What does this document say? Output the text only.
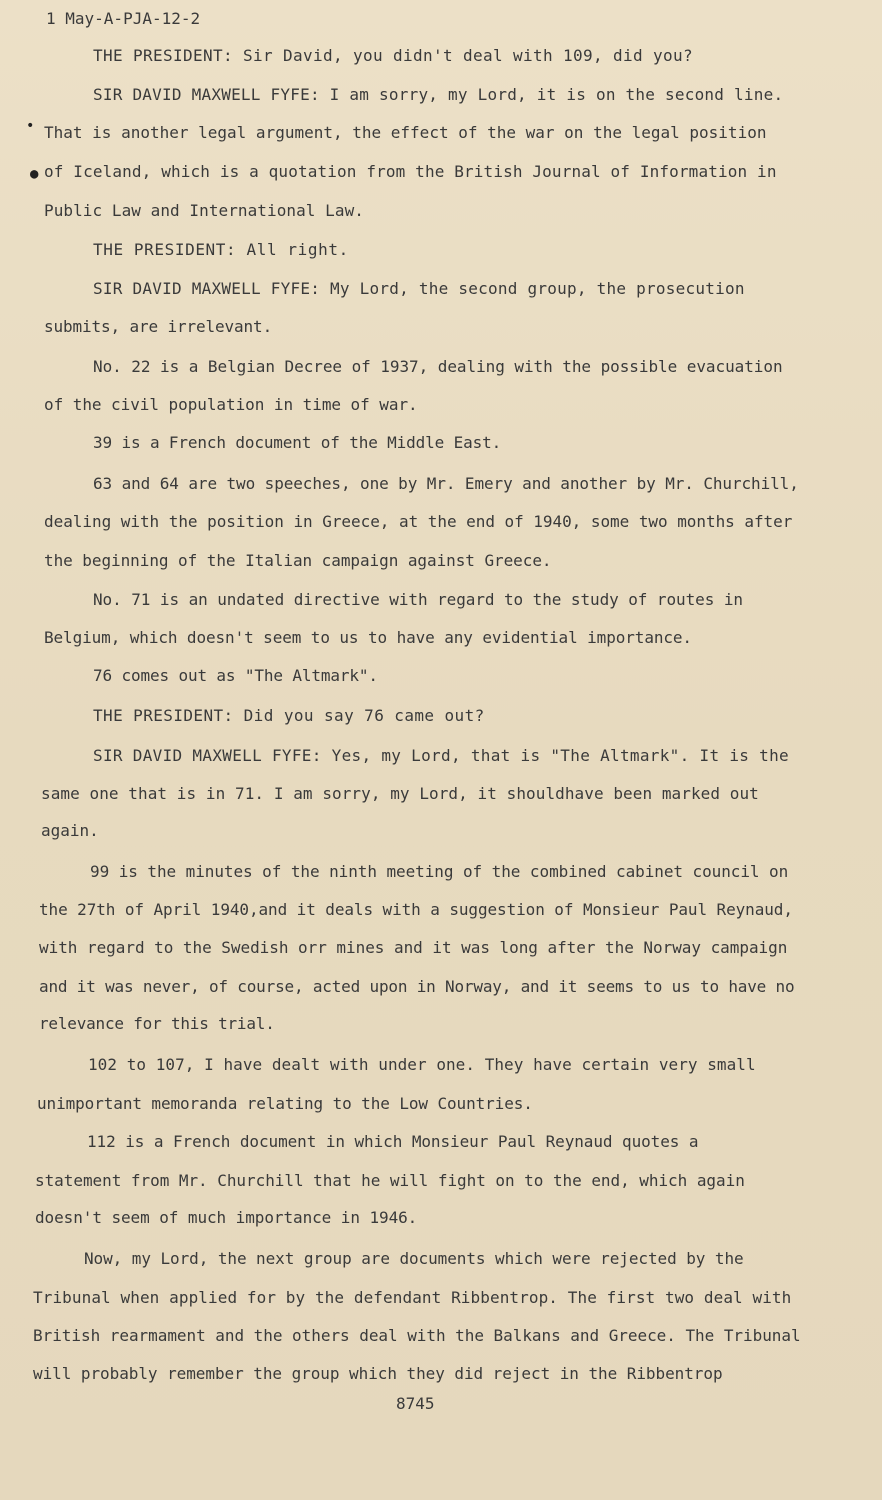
1 May-A-PJA-12-2
•
●
THE PRESIDENT: Sir David, you didn't deal with 109, did you?
SIR DAVID MAXWELL FYFE: I am sorry, my Lord, it is on the second line.
That is another legal argument, the effect of the war on the legal position
of Iceland, which is a quotation from the British Journal of Information in
Public Law and International Law.
THE PRESIDENT: All right.
SIR DAVID MAXWELL FYFE: My Lord, the second group, the prosecution
submits, are irrelevant.
No. 22 is a Belgian Decree of 1937, dealing with the possible evacuation
of the civil population in time of war.
39 is a French document of the Middle East.
63 and 64 are two speeches, one by Mr. Emery and another by Mr. Churchill,
dealing with the position in Greece, at the end of 1940, some two months after
the beginning of the Italian campaign against Greece.
No. 71 is an undated directive with regard to the study of routes in
Belgium, which doesn't seem to us to have any evidential importance.
76 comes out as "The Altmark".
THE PRESIDENT: Did you say 76 came out?
SIR DAVID MAXWELL FYFE: Yes, my Lord, that is "The Altmark". It is the
same one that is in 71. I am sorry, my Lord, it shouldhave been marked out
again.
99 is the minutes of the ninth meeting of the combined cabinet council on
the 27th of April 1940,and it deals with a suggestion of Monsieur Paul Reynaud,
with regard to the Swedish orr mines and it was long after the Norway campaign
and it was never, of course, acted upon in Norway, and it seems to us to have no
relevance for this trial.
102 to 107, I have dealt with under one. They have certain very small
unimportant memoranda relating to the Low Countries.
112 is a French document in which Monsieur Paul Reynaud quotes a
statement from Mr. Churchill that he will fight on to the end, which again
doesn't seem of much importance in 1946.
Now, my Lord, the next group are documents which were rejected by the
Tribunal when applied for by the defendant Ribbentrop. The first two deal with
British rearmament and the others deal with the Balkans and Greece. The Tribunal
will probably remember the group which they did reject in the Ribbentrop
8745
